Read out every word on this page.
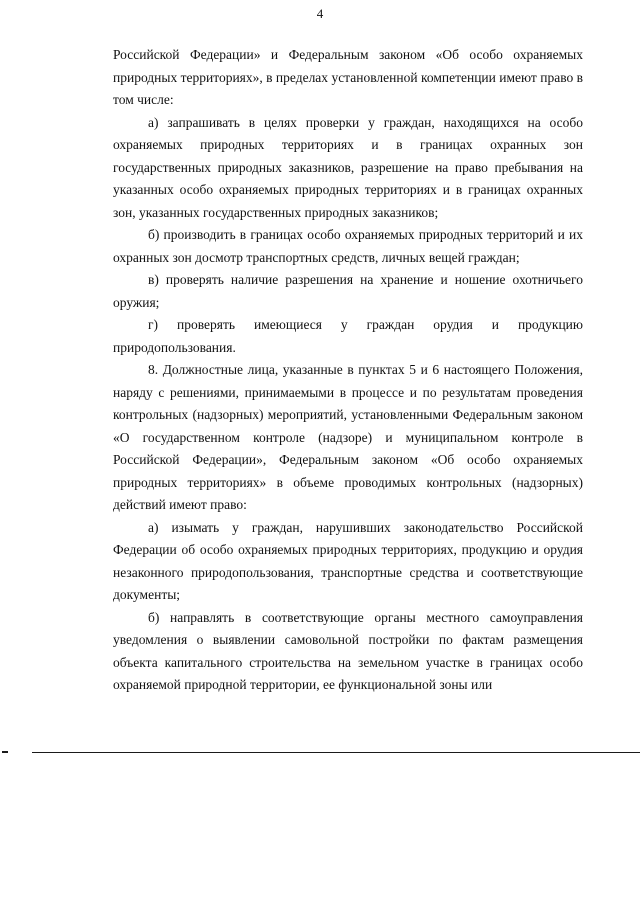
4

Российской Федерации» и Федеральным законом «Об особо охраняемых природных территориях», в пределах установленной компетенции имеют право в том числе:

а) запрашивать в целях проверки у граждан, находящихся на особо охраняемых природных территориях и в границах охранных зон государственных природных заказников, разрешение на право пребывания на указанных особо охраняемых природных территориях и в границах охранных зон, указанных государственных природных заказников;

б) производить в границах особо охраняемых природных территорий и их охранных зон досмотр транспортных средств, личных вещей граждан;

в) проверять наличие разрешения на хранение и ношение охотничьего оружия;

г) проверять имеющиеся у граждан орудия и продукцию природопользования.

8. Должностные лица, указанные в пунктах 5 и 6 настоящего Положения, наряду с решениями, принимаемыми в процессе и по результатам проведения контрольных (надзорных) мероприятий, установленными Федеральным законом «О государственном контроле (надзоре) и муниципальном контроле в Российской Федерации», Федеральным законом «Об особо охраняемых природных территориях» в объеме проводимых контрольных (надзорных) действий имеют право:

а) изымать у граждан, нарушивших законодательство Российской Федерации об особо охраняемых природных территориях, продукцию и орудия незаконного природопользования, транспортные средства и соответствующие документы;

б) направлять в соответствующие органы местного самоуправления уведомления о выявлении самовольной постройки по фактам размещения объекта капитального строительства на земельном участке в границах особо охраняемой природной территории, ее функциональной зоны или
